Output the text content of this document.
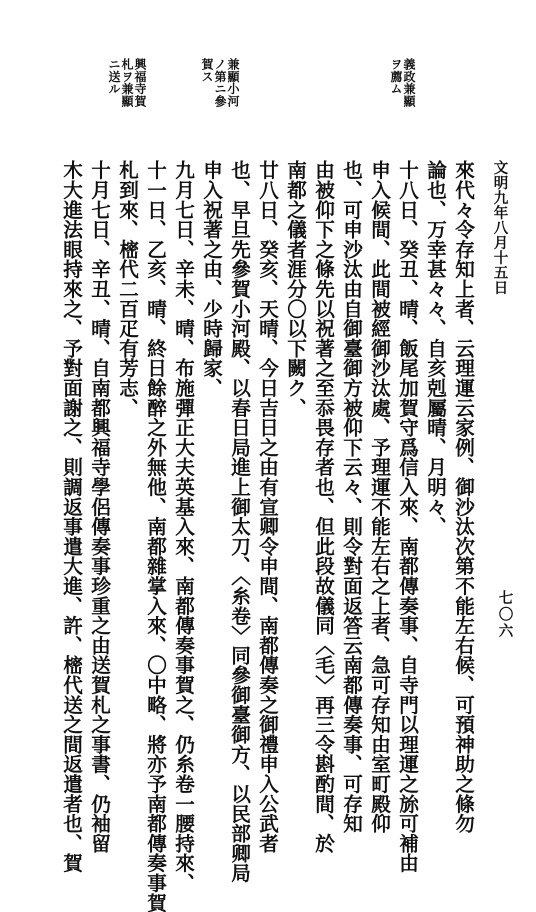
文明九年八月十五日
七〇六
義政兼顯
ヲ薦ム
兼顯小河
ノ第ニ參
賀ス
興福寺賀
札ヲ兼顯
ニ送ル
來代々令存知上者、云理運云家例、御沙汰次第不能左右候、可預神助之條勿
論也、万幸甚々々、自亥剋屬晴、月明々、
十八日、癸丑、晴、飯尾加賀守爲信入來、南都傳奏事、自寺門以理運之旀可補由
申入候間、此間被經御沙汰處、予理運不能左右之上者、急可存知由室町殿仰
也、可申沙汰由自御臺御方被仰下云々、則令對面返答云南都傳奏事、可存知
由被仰下之條先以祝著之至忝畏存者也、但此段故儀同〈毛〉再三令斟酌間、於
南都之儀者涯分〇以下闕ク、
廿八日、癸亥、天晴、今日吉日之由有宣卿令申間、南都傳奏之御禮申入公武者
也、早旦先參賀小河殿、以春日局進上御太刀、〈糸卷〉同參御臺御方、以民部卿局
申入祝著之由、少時歸家、
九月七日、辛未、晴、布施彈正大夫英基入來、南都傳奏事賀之、仍糸卷一腰持來、
十一日、乙亥、晴、終日餘醉之外無他、南都雜掌入來、〇中略、將亦予南都傳奏事賀
札到來、樒代二百疋有芳志、
十月七日、辛丑、晴、自南都興福寺學侶傳奏事珍重之由送賀札之事書、仍袖留
木大進法眼持來之、予對面謝之、則調返事遣大進、許、樒代送之間返遣者也、賀
